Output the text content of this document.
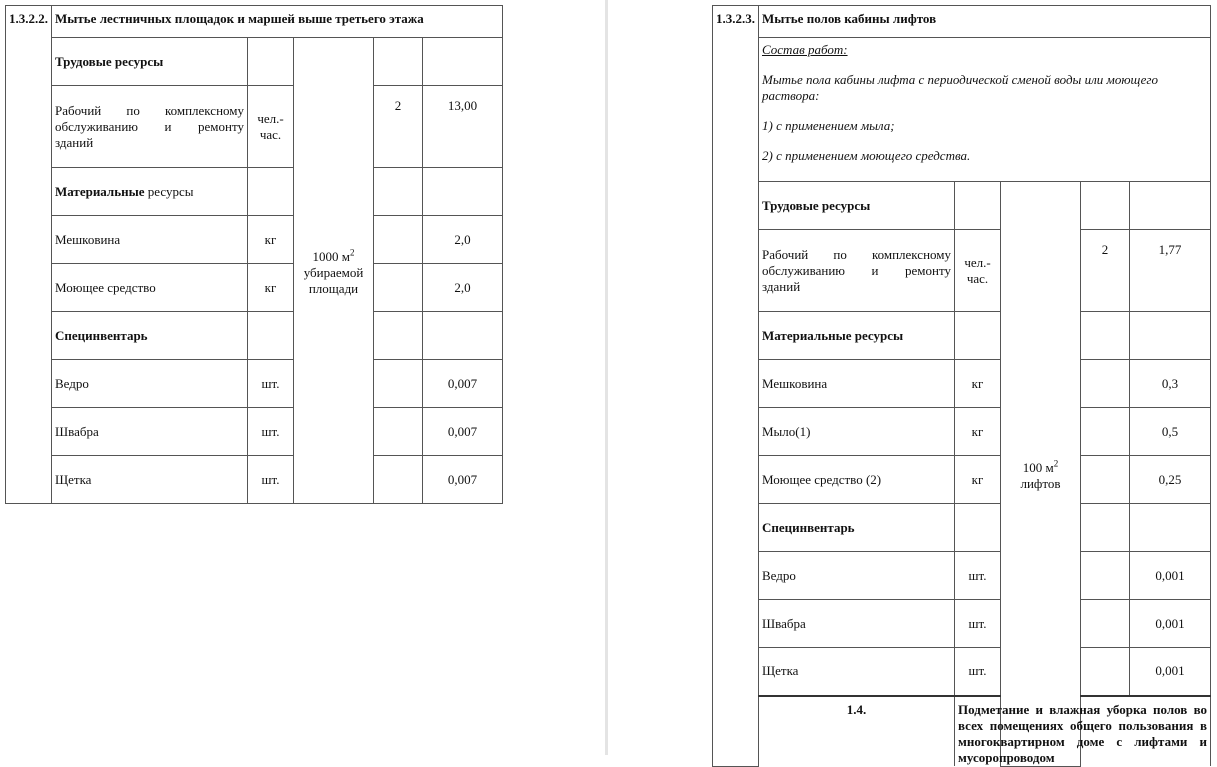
1.3.2.2.	Мытье лестничных площадок и маршей выше третьего этажа				
	Трудовые ресурсы		1000 $м^2$
убираемой
площади		

	Рабочий по комплексному
обслуживанию и ремонту
зданий	чел.-
час.		2	13,00
	Материальные ресурсы				
	Мешковина	кг			2,0
	Моющее средство	кг			2,0
	Специнвентарь				
	Ведро	шт.			0,007
	Швабра	шт.			0,007
	Щетка	шт.			0,007
1.3.2.3.	Мытье полов кабины лифтов				

	Состав работ:

Мытье пола кабины лифта с периодической сменой воды или моющего раствора:

1) с применением мыла;

2) с применением моющего средства.				

	Трудовые ресурсы		100 $м^2$
лифтов		

	Рабочий по комплексному
обслуживанию и ремонту
зданий	чел.-
час.		2	1,77
	Материальные ресурсы				
	Мешковина	кг			0,3
	Мыло(1)	кг			0,5
	Моющее средство (2)	кг			0,25
	Специнвентарь				
	Ведро	шт.			0,001
	Швабра	шт.			0,001
	Щетка	шт.			0,001
	1.4.	Подметание и влажная уборка полов во всех помещениях общего пользования в многоквартирном доме с лифтами и мусоропроводом			
